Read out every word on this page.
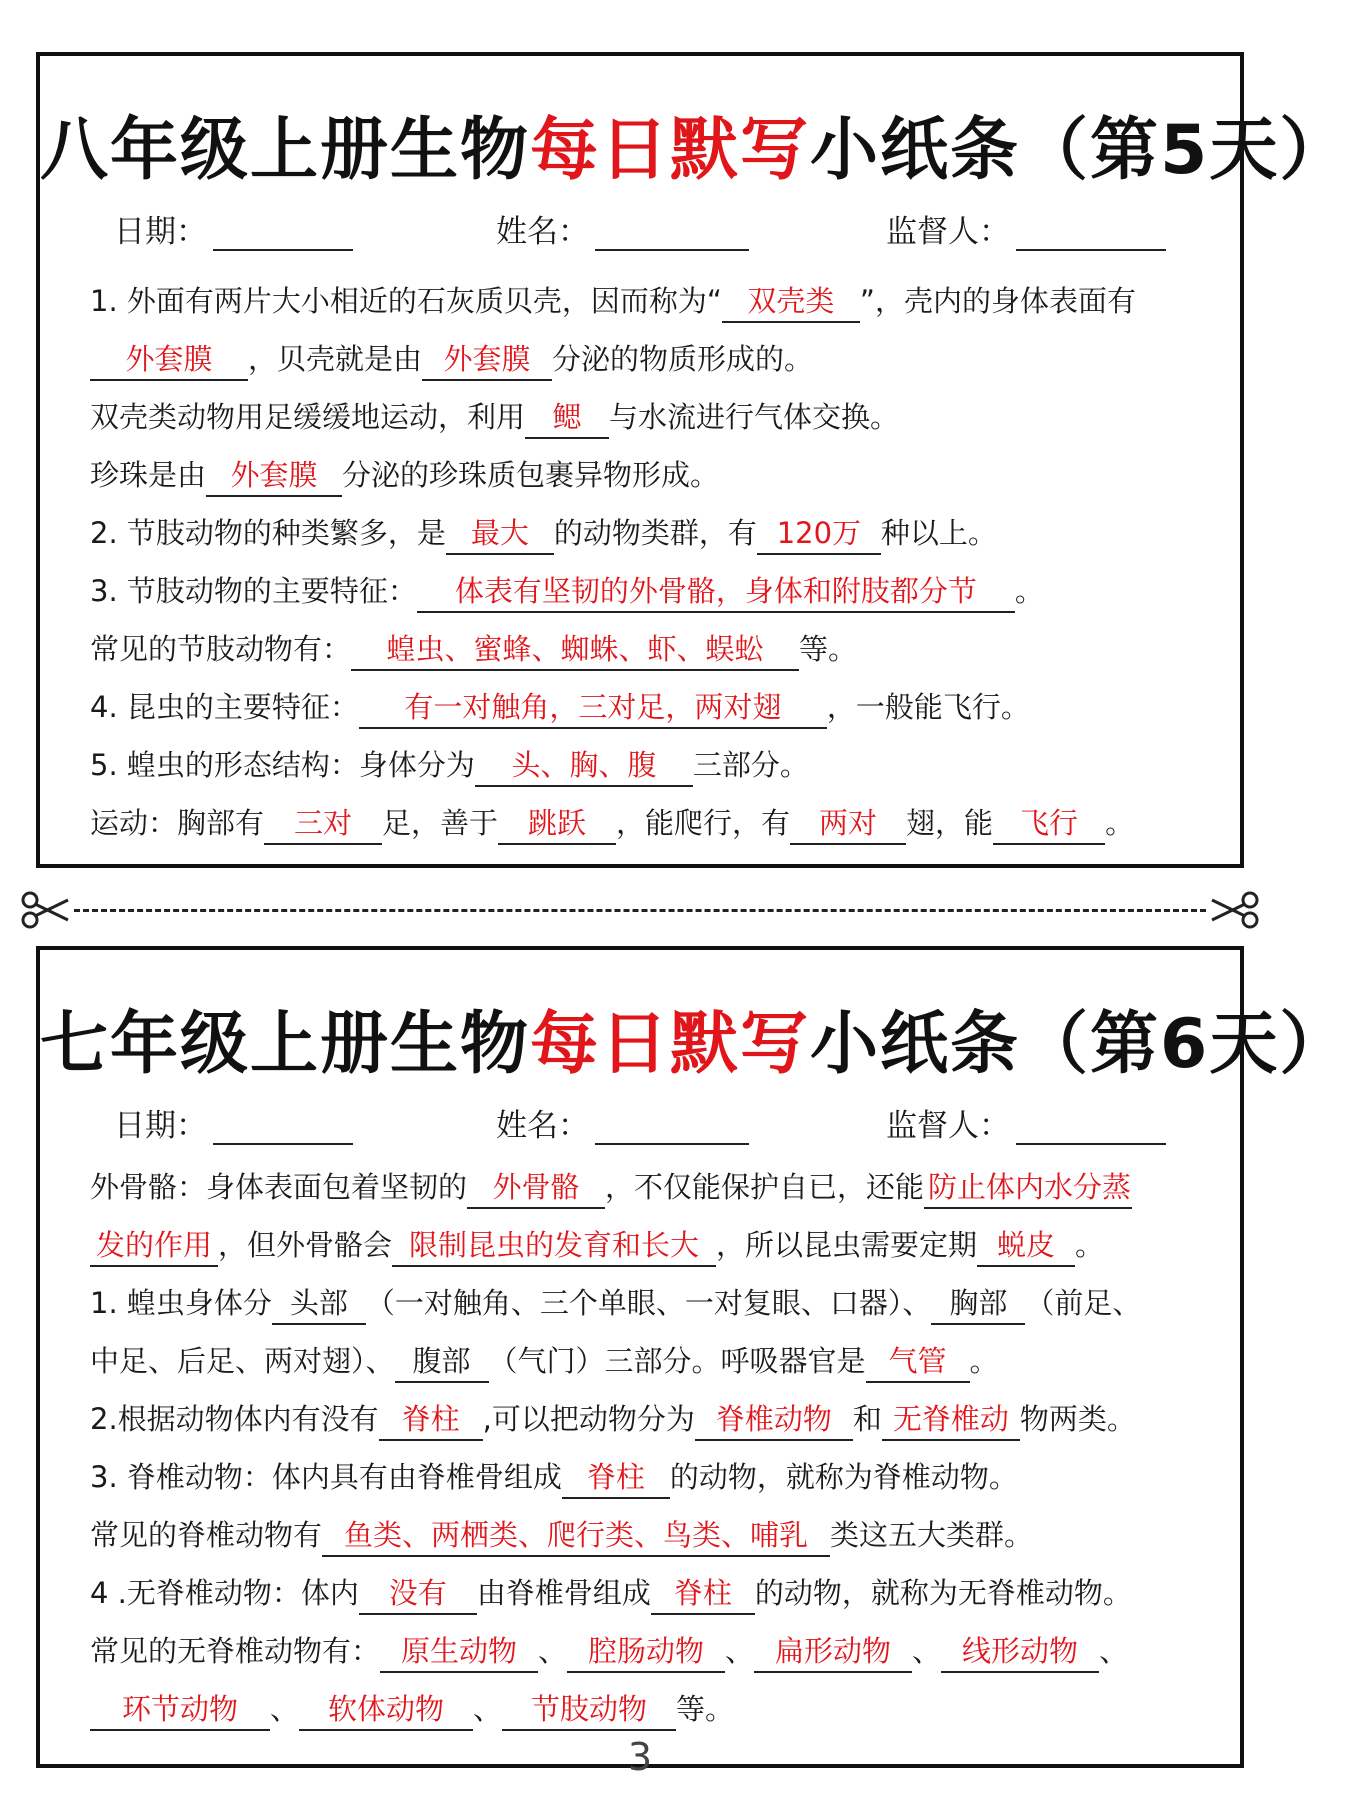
八年级上册生物每日默写小纸条（第5天）
日期：	姓名：	监督人：
1. 外面有两片大小相近的石灰质贝壳，因而称为“ 双壳类 ”，壳内的身体表面有
外套膜 ，贝壳就是由 外套膜 分泌的物质形成的。
双壳类动物用足缓缓地运动，利用 鳃 与水流进行气体交换。
珍珠是由 外套膜 分泌的珍珠质包裹异物形成。
2. 节肢动物的种类繁多，是 最大 的动物类群，有 120万 种以上。
3. 节肢动物的主要特征： 体表有坚韧的外骨骼，身体和附肢都分节 。
常见的节肢动物有： 蝗虫、蜜蜂、蜘蛛、虾、蜈蚣 等。
4. 昆虫的主要特征： 有一对触角，三对足，两对翅 ，一般能飞行。
5. 蝗虫的形态结构：身体分为 头、胸、腹 三部分。
运动：胸部有 三对 足，善于 跳跃 ，能爬行，有 两对 翅，能 飞行 。
七年级上册生物每日默写小纸条（第6天）
日期：	姓名：	监督人：
外骨骼：身体表面包着坚韧的 外骨骼 ，不仅能保护自已，还能 防止体内水分蒸
发的作用 ，但外骨骼会 限制昆虫的发育和长大 ，所以昆虫需要定期 蜕皮 。
1. 蝗虫身体分 头部 （一对触角、三个单眼、一对复眼、口器）、 胸部 （前足、
中足、后足、两对翅）、 腹部 （气门）三部分。呼吸器官是 气管 。
2.根据动物体内有没有 脊柱 ,可以把动物分为 脊椎动物 和 无脊椎动 物两类。
3. 脊椎动物：体内具有由脊椎骨组成 脊柱 的动物，就称为脊椎动物。
常见的脊椎动物有 鱼类、两栖类、爬行类、鸟类、哺乳 类这五大类群。
4 .无脊椎动物：体内 没有 由脊椎骨组成 脊柱 的动物，就称为无脊椎动物。
常见的无脊椎动物有： 原生动物 、 腔肠动物 、 扁形动物 、 线形动物 、
环节动物 、 软体动物 、 节肢动物 等。
3
